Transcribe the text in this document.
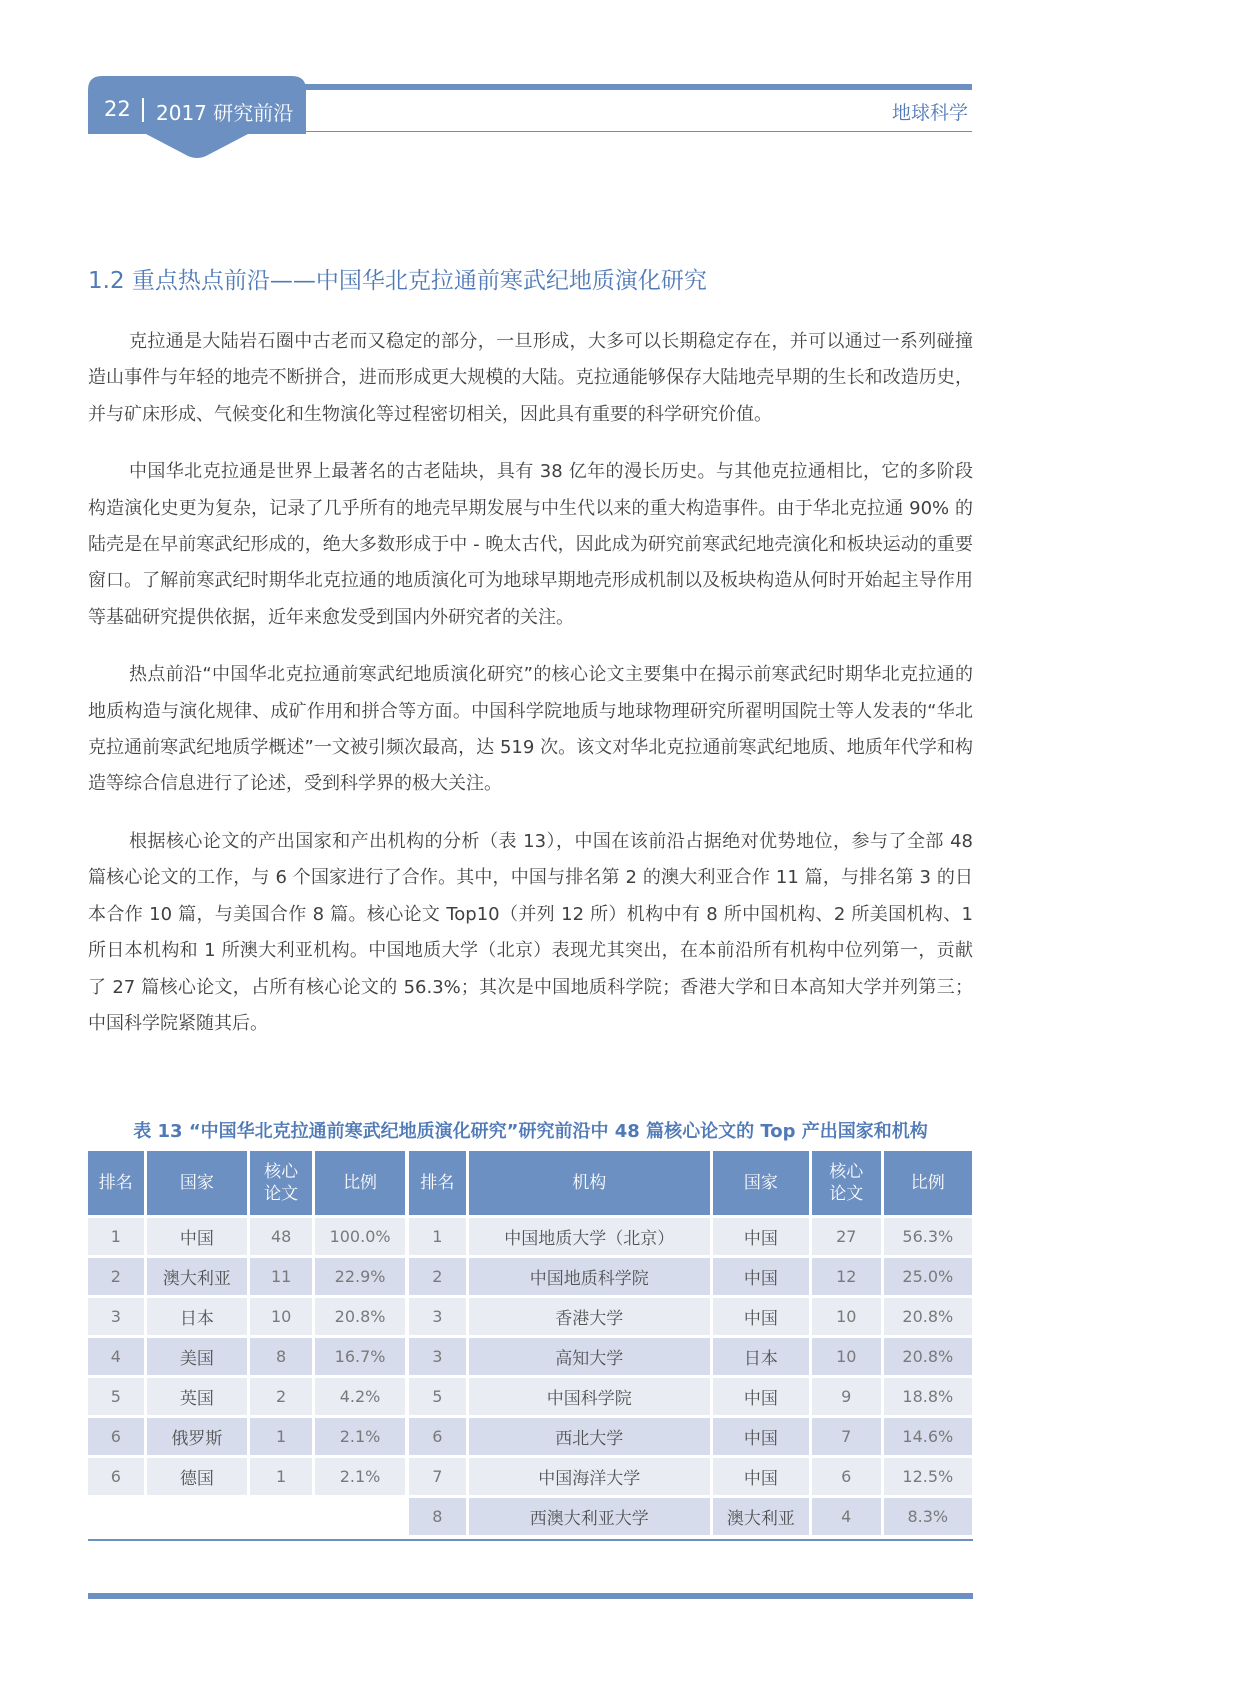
22 2017 研究前沿	地球科学
1.2 重点热点前沿——中国华北克拉通前寒武纪地质演化研究

克拉通是大陆岩石圈中古老而又稳定的部分，一旦形成，大多可以长期稳定存在，并可以通过一系列碰撞造山事件与年轻的地壳不断拼合，进而形成更大规模的大陆。克拉通能够保存大陆地壳早期的生长和改造历史，并与矿床形成、气候变化和生物演化等过程密切相关，因此具有重要的科学研究价值。

中国华北克拉通是世界上最著名的古老陆块，具有 38 亿年的漫长历史。与其他克拉通相比，它的多阶段构造演化史更为复杂，记录了几乎所有的地壳早期发展与中生代以来的重大构造事件。由于华北克拉通 90% 的陆壳是在早前寒武纪形成的，绝大多数形成于中 - 晚太古代，因此成为研究前寒武纪地壳演化和板块运动的重要窗口。了解前寒武纪时期华北克拉通的地质演化可为地球早期地壳形成机制以及板块构造从何时开始起主导作用等基础研究提供依据，近年来愈发受到国内外研究者的关注。

热点前沿“中国华北克拉通前寒武纪地质演化研究”的核心论文主要集中在揭示前寒武纪时期华北克拉通的地质构造与演化规律、成矿作用和拼合等方面。中国科学院地质与地球物理研究所翟明国院士等人发表的“华北克拉通前寒武纪地质学概述”一文被引频次最高，达 519 次。该文对华北克拉通前寒武纪地质、地质年代学和构造等综合信息进行了论述，受到科学界的极大关注。

根据核心论文的产出国家和产出机构的分析（表 13），中国在该前沿占据绝对优势地位，参与了全部 48 篇核心论文的工作，与 6 个国家进行了合作。其中，中国与排名第 2 的澳大利亚合作 11 篇，与排名第 3 的日本合作 10 篇，与美国合作 8 篇。核心论文 Top10（并列 12 所）机构中有 8 所中国机构、2 所美国机构、1 所日本机构和 1 所澳大利亚机构。中国地质大学（北京）表现尤其突出，在本前沿所有机构中位列第一，贡献了 27 篇核心论文，占所有核心论文的 56.3%；其次是中国地质科学院；香港大学和日本高知大学并列第三；中国科学院紧随其后。

表 13 “中国华北克拉通前寒武纪地质演化研究”研究前沿中 48 篇核心论文的 Top 产出国家和机构
排名	国家	核心
论文	比例
1	中国	48	100.0%
2	澳大利亚	11	22.9%
3	日本	10	20.8%
4	美国	8	16.7%
5	英国	2	4.2%
6	俄罗斯	1	2.1%
6	德国	1	2.1%

排名	机构	国家	核心
论文	比例
1	中国地质大学（北京）	中国	27	56.3%
2	中国地质科学院	中国	12	25.0%
3	香港大学	中国	10	20.8%
3	高知大学	日本	10	20.8%
5	中国科学院	中国	9	18.8%
6	西北大学	中国	7	14.6%
7	中国海洋大学	中国	6	12.5%
8	西澳大利亚大学	澳大利亚	4	8.3%
